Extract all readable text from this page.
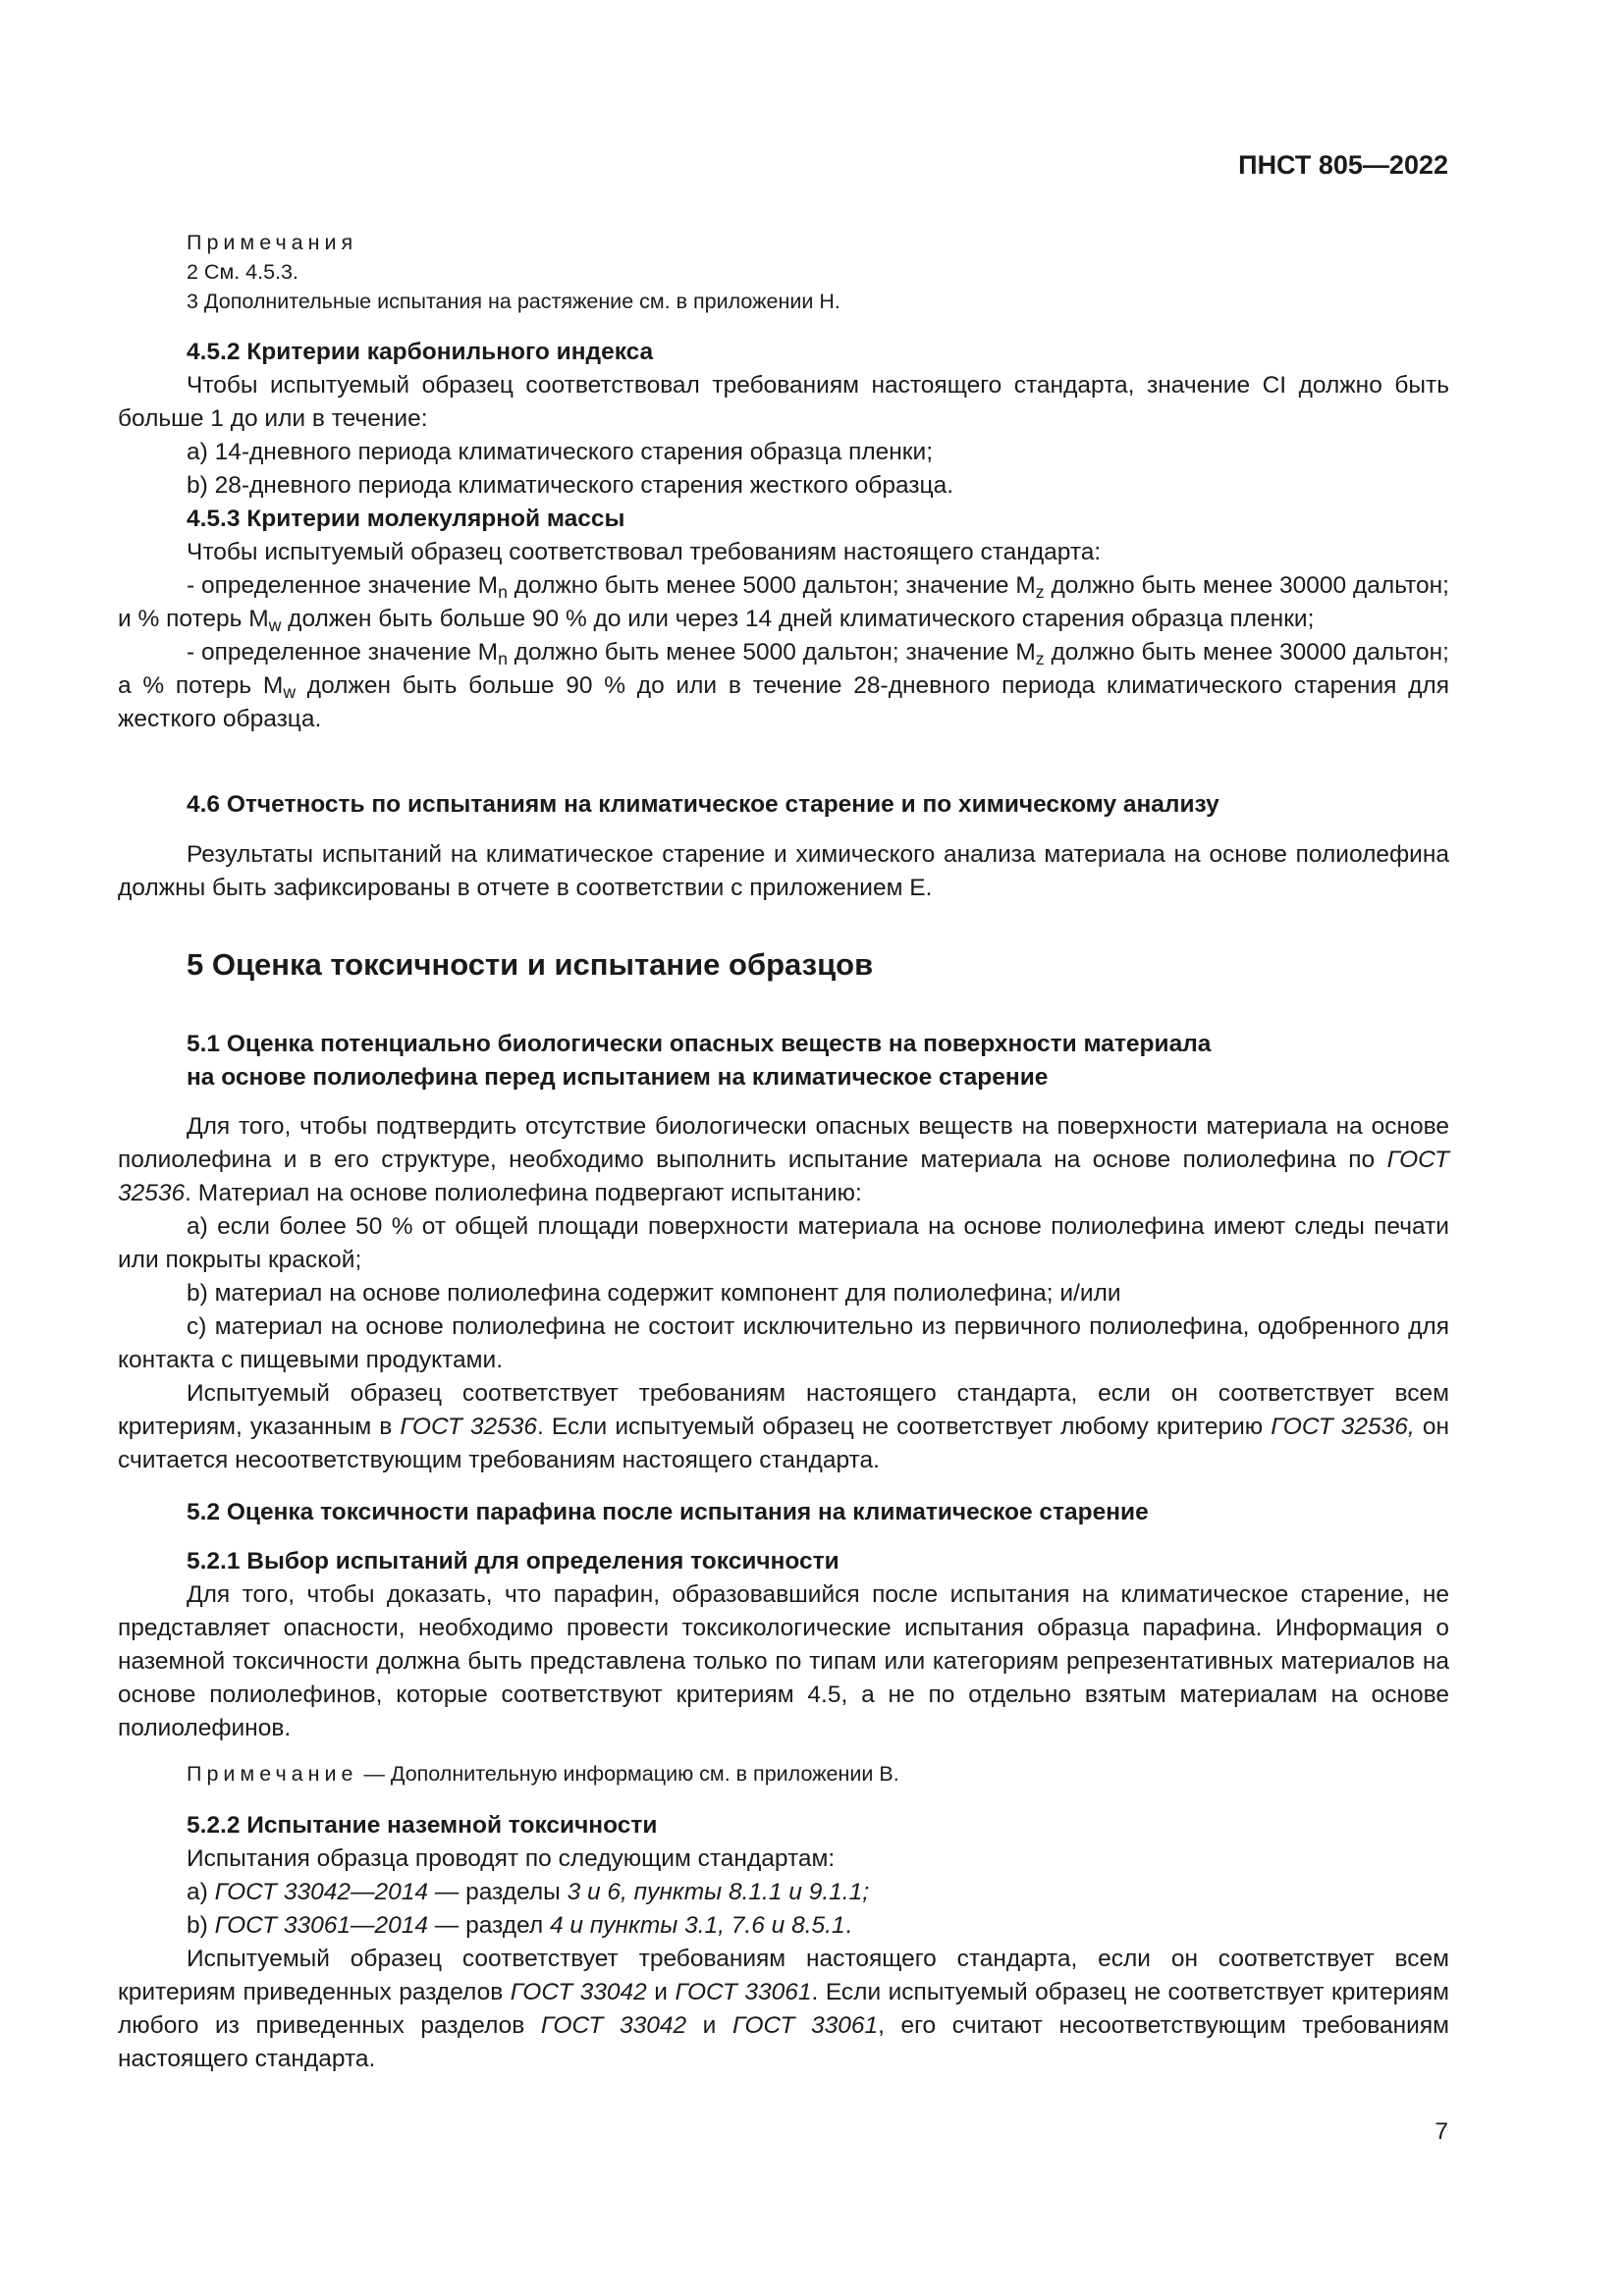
ПНСТ 805—2022

Примечания

2 См. 4.5.3.

3 Дополнительные испытания на растяжение см. в приложении Н.

4.5.2 Критерии карбонильного индекса

Чтобы испытуемый образец соответствовал требованиям настоящего стандарта, значение CI должно быть больше 1 до или в течение:

а) 14-дневного периода климатического старения образца пленки;

b) 28-дневного периода климатического старения жесткого образца.

4.5.3 Критерии молекулярной массы

Чтобы испытуемый образец соответствовал требованиям настоящего стандарта:

- определенное значение $M_n$ должно быть менее 5000 дальтон; значение $M_z$ должно быть менее 30000 дальтон; и % потерь $M_w$ должен быть больше 90 % до или через 14 дней климатического старения образца пленки;

- определенное значение $M_n$ должно быть менее 5000 дальтон; значение $M_z$ должно быть менее 30000 дальтон; а % потерь $M_w$ должен быть больше 90 % до или в течение 28-дневного периода климатического старения для жесткого образца.

4.6 Отчетность по испытаниям на климатическое старение и по химическому анализу

Результаты испытаний на климатическое старение и химического анализа материала на основе полиолефина должны быть зафиксированы в отчете в соответствии с приложением Е.

5 Оценка токсичности и испытание образцов

5.1 Оценка потенциально биологически опасных веществ на поверхности материала

на основе полиолефина перед испытанием на климатическое старение

Для того, чтобы подтвердить отсутствие биологически опасных веществ на поверхности материала на основе полиолефина и в его структуре, необходимо выполнить испытание материала на основе полиолефина по ГОСТ 32536. Материал на основе полиолефина подвергают испытанию:

а) если более 50 % от общей площади поверхности материала на основе полиолефина имеют следы печати или покрыты краской;

b) материал на основе полиолефина содержит компонент для полиолефина; и/или

с) материал на основе полиолефина не состоит исключительно из первичного полиолефина, одобренного для контакта с пищевыми продуктами.

Испытуемый образец соответствует требованиям настоящего стандарта, если он соответствует всем критериям, указанным в ГОСТ 32536. Если испытуемый образец не соответствует любому критерию ГОСТ 32536, он считается несоответствующим требованиям настоящего стандарта.

5.2 Оценка токсичности парафина после испытания на климатическое старение

5.2.1 Выбор испытаний для определения токсичности

Для того, чтобы доказать, что парафин, образовавшийся после испытания на климатическое старение, не представляет опасности, необходимо провести токсикологические испытания образца парафина. Информация о наземной токсичности должна быть представлена только по типам или категориям репрезентативных материалов на основе полиолефинов, которые соответствуют критериям 4.5, а не по отдельно взятым материалам на основе полиолефинов.

Примечание — Дополнительную информацию см. в приложении В.

5.2.2 Испытание наземной токсичности

Испытания образца проводят по следующим стандартам:

а) ГОСТ 33042—2014 — разделы 3 и 6, пункты 8.1.1 и 9.1.1;

b) ГОСТ 33061—2014 — раздел 4 и пункты 3.1, 7.6 и 8.5.1.

Испытуемый образец соответствует требованиям настоящего стандарта, если он соответствует всем критериям приведенных разделов ГОСТ 33042 и ГОСТ 33061. Если испытуемый образец не соответствует критериям любого из приведенных разделов ГОСТ 33042 и ГОСТ 33061, его считают несоответствующим требованиям настоящего стандарта.

7
